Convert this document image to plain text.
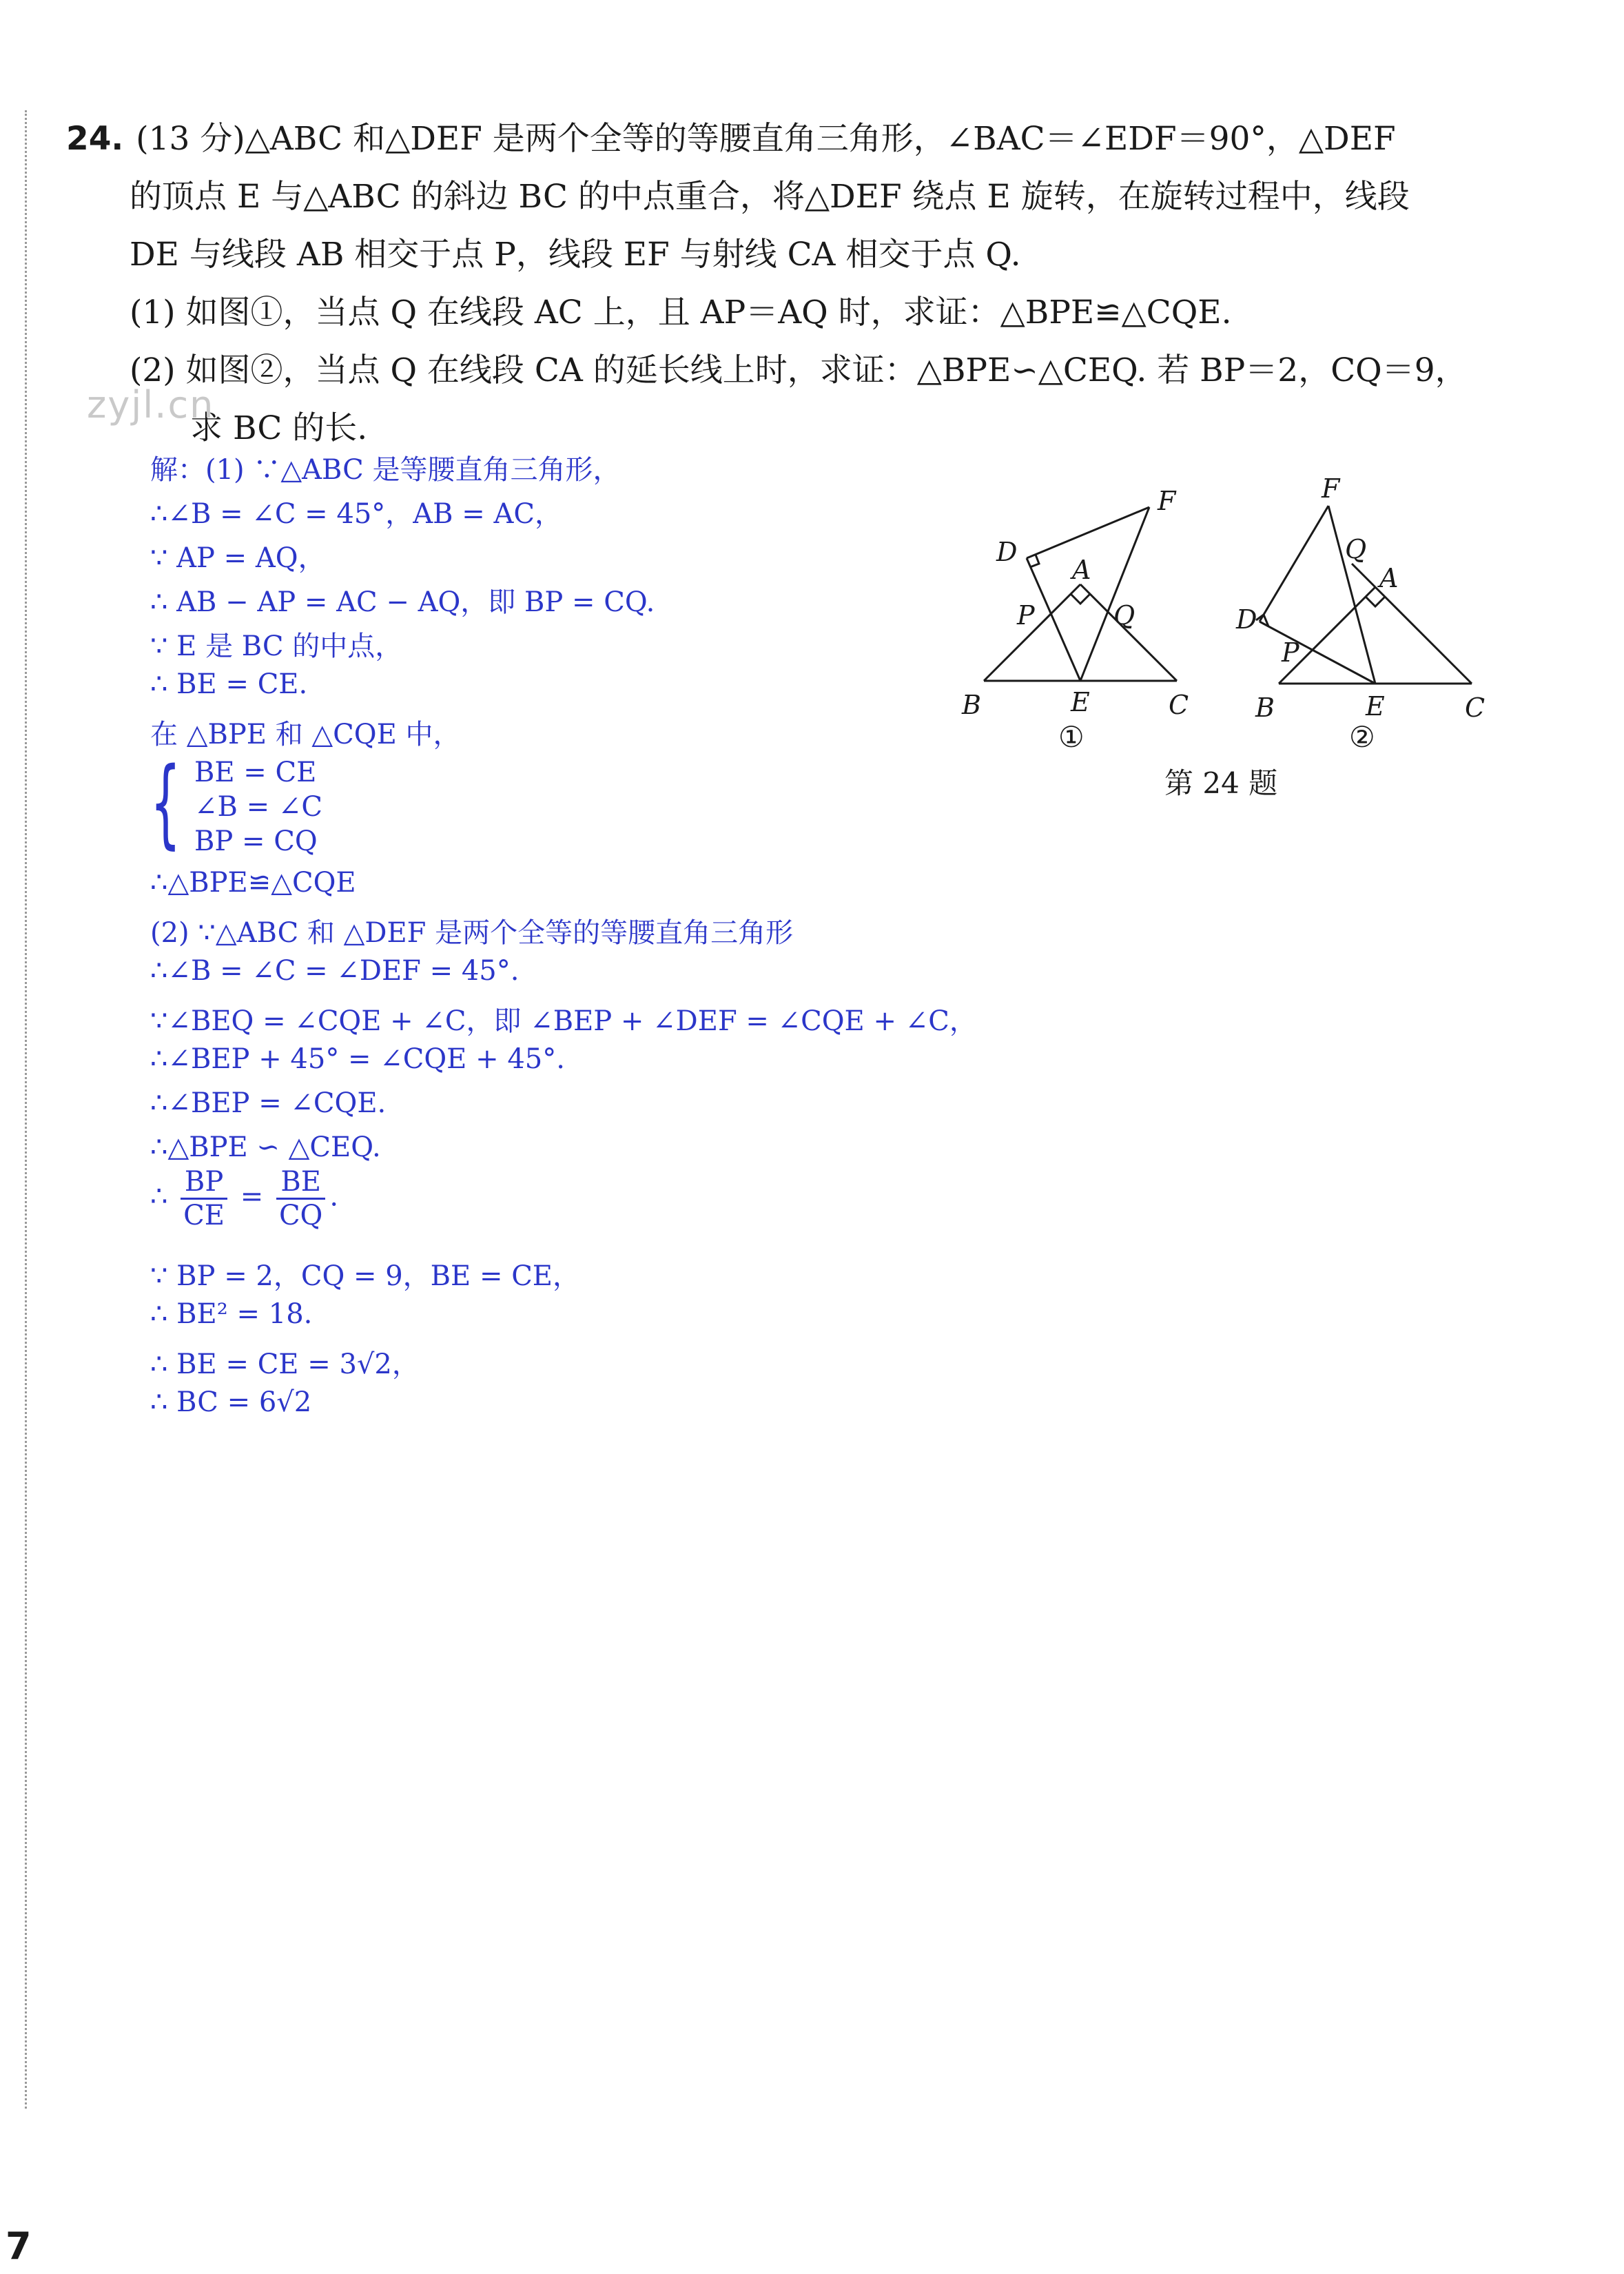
24. (13 分)△ABC 和△DEF 是两个全等的等腰直角三角形，∠BAC＝∠EDF＝90°，△DEF
的顶点 E 与△ABC 的斜边 BC 的中点重合，将△DEF 绕点 E 旋转，在旋转过程中，线段
DE 与线段 AB 相交于点 P，线段 EF 与射线 CA 相交于点 Q.
(1) 如图①，当点 Q 在线段 AC 上，且 AP＝AQ 时，求证：△BPE≌△CQE.
(2) 如图②，当点 Q 在线段 CA 的延长线上时，求证：△BPE∽△CEQ. 若 BP＝2，CQ＝9，
求 BC 的长.
zyjl.cn
解：(1) ∵△ABC 是等腰直角三角形，
∴∠B = ∠C = 45°，AB = AC，
∵ AP = AQ，
∴ AB − AP = AC − AQ，即 BP = CQ.
∵ E 是 BC 的中点，
∴ BE = CE.
在 △BPE 和 △CQE 中，
{ BE = CE
∠B = ∠C
BP = CQ
∴△BPE≌△CQE
(2) ∵△ABC 和 △DEF 是两个全等的等腰直角三角形
∴∠B = ∠C = ∠DEF = 45°.
∵∠BEQ = ∠CQE + ∠C，即 ∠BEP + ∠DEF = ∠CQE + ∠C，
∴∠BEP + 45° = ∠CQE + 45°.
∴∠BEP = ∠CQE.
∴△BPE ∽ △CEQ.
∴ $\frac{BP}{CE} = \frac{BE}{CQ}$ .
∵ BP = 2，CQ = 9，BE = CE，
∴ BE² = 18.
∴ BE = CE = 3√2，
∴ BC = 6√2
B	C
E
A
D
F
P	Q
①
B	C
E
A
D
F
P
Q
②
第 24 题
7
